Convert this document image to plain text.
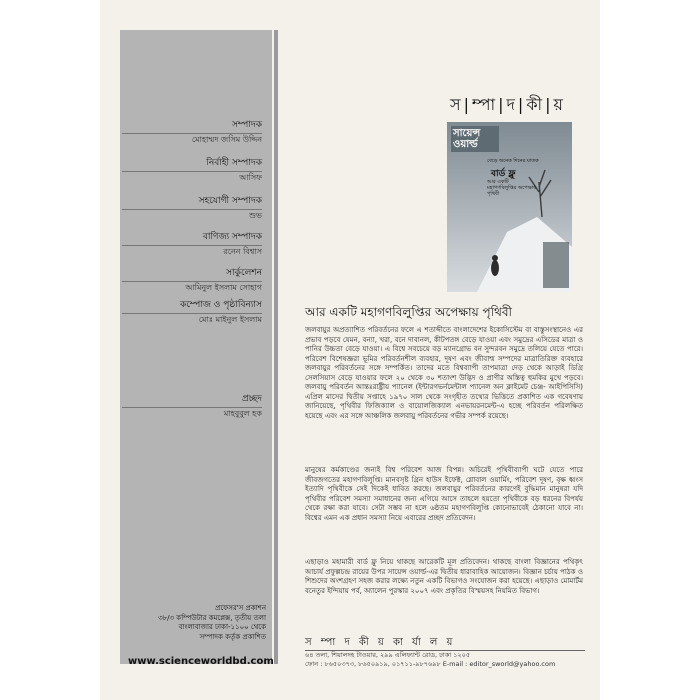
সম্পাদক
মোহাম্মদ জসিম উদ্দিন
নির্বাহী সম্পাদক
আসিফ
সহযোগী সম্পাদক
শুভ
বাণিজ্য সম্পাদক
রনেন বিশ্বাস
সার্কুলেশন
আমিনুল ইসলাম সোহাগ
কম্পোজ ও পৃষ্ঠাবিন্যাস
মোঃ মাইনুল ইসলাম
প্রচ্ছদ
মাহবুবুল হক
প্রফেসর'স প্রকাশন
৩৮/৩ কম্পিউটার কমপ্লেক্স, তৃতীয় তলা
বাংলাবাজার ঢাকা-১১০০ থেকে
সম্পাদক কর্তৃক প্রকাশিত
www.scienceworldbd.com
স|ম্পা|দ|কী|য়
সায়েন্স ওয়ার্ল্ড
বেড়ে অনেক দিনের ঘাতক
বার্ড ফ্লু
আর একটি মহাগণবিলুপ্তির অপেক্ষায় পৃথিবী
আর একটি মহাগণবিলুপ্তির অপেক্ষায় পৃথিবী
জলবায়ুর অপ্রত্যাশিত পরিবর্তনের ফলে এ শতাব্দীতে বাংলাদেশের ইকোসিস্টেম বা বাস্তুসংস্থানেও এর প্রভাব পড়বে যেমন, বন্যা, খরা, বনে দাবানল, কীটপতঙ্গ বেড়ে যাওয়া এবং সমুদ্রের এসিডের মাত্রা ও পানির উচ্চতা বেড়ে যাওয়া। এ বিশ্বে সবচেয়ে বড় ম্যানগ্রোভ বন সুন্দরবন সমুদ্রে তলিয়ে যেতে পারে। পরিবেশ বিশেষজ্ঞরা ভূমির পরিবর্তনশীল ব্যবহার, দূষণ এবং জীবাশ্ম সম্পদের মাত্রাতিরিক্ত ব্যবহারে জলবায়ুর পরিবর্তনের সঙ্গে সম্পর্কিত। তাদের মতে বিশ্বব্যাপী তাপমাত্রা দেড় থেকে আড়াই ডিগ্রি সেলসিয়াস বেড়ে যাওয়ার ফলে ২০ থেকে ৩০ শতাংশ উদ্ভিদ ও প্রাণীর অস্তিত্ব হুমকির মুখে পড়বে। জলবায়ু পরিবর্তন আন্তঃরাষ্ট্রীয় প্যানেল (ইন্টারগভর্নমেন্টাল প্যানেল অন ক্লাইমেট চেঞ্জ- আইপিসিসি) এপ্রিল মাসের দ্বিতীয় সপ্তাহে ১৯৭০ সাল থেকে সংগৃহীত তথ্যের ভিত্তিতে প্রকাশিত এক গবেষণায় জানিয়েছে, পৃথিবীর ফিজিক্যাল ও বায়োলজিক্যাল এনভায়রনমেন্ট-এ হচ্ছে পরিবর্তন পরিলক্ষিত হয়েছে এবং এর সঙ্গে আঞ্চলিক জলবায়ু পরিবর্তনের গভীর সম্পর্ক রয়েছে।
মানুষের কর্মকাণ্ডের জন্যই বিশ্ব পরিবেশ আজ বিপন্ন। অচিরেই পৃথিবীব্যাপী ঘটে যেতে পারে জীবজগতের মহাগণবিলুপ্তি। মানবসৃষ্ট গ্রিন হাউস ইফেক্ট, গ্লোবাল ওয়ার্মিং, পরিবেশ দূষণ, বৃক্ষ ধ্বংস ইত্যাদি পৃথিবীকে সেই দিকেই ধাবিত করছে। জলবায়ুর পরিবর্তনের কারণেই বুদ্ধিমান মানুষরা যদি পৃথিবীর পরিবেশ সমস্যা সমাধানের জন্য এগিয়ে আসে তাহলে হয়তো পৃথিবীকে বড় ধরনের বিপর্যয় থেকে রক্ষা করা যাবে। সেটা সম্ভব না হলে ৬ষ্ঠতম মহাগণবিলুপ্তি কোনোভাবেই ঠেকানো যাবে না। বিশ্বের এমন এক প্রধান সমস্যা নিয়ে এবারের প্রচ্ছদ প্রতিবেদন।
এছাড়াও মহামারী বার্ড ফ্লু নিয়ে থাকছে আরেকটি মূল প্রতিবেদন। থাকছে বাংলা বিজ্ঞানের পথিকৃৎ আচার্য প্রফুল্লচন্দ্র রায়ের উপর সায়েন্স ওয়ার্ল্ড-এর দ্বিতীয় ধারাবাহিক আয়োজন। বিজ্ঞান চর্চায় পাঠক ও শিশুদের অংশগ্রহণ সহজ করার লক্ষ্যে নতুন একটি বিভাগও সংযোজন করা হয়েছে। এছাড়াও মোমার্টম বনেতুর ইন্দিয়ায় পর্ব, অ্যালেন পুরস্কার ২০০৭ এবং প্রকৃতির বিস্ময়সহ নিয়মিত বিভাগ।
স ম্পা দ কী য় কা র্যা ল য়
৬৪ তলা, শিয়ালদহ টাওয়ার, ২৯৯ এলিফ্যান্ট রোড, ঢাকা ১২০৫
ফোন : ৮৬৫০৩৭৩, ৮৬৫০৯১৯, ০১৭১১-৯৮৭৬৯৮ E-mail : editor_sworld@yahoo.com
